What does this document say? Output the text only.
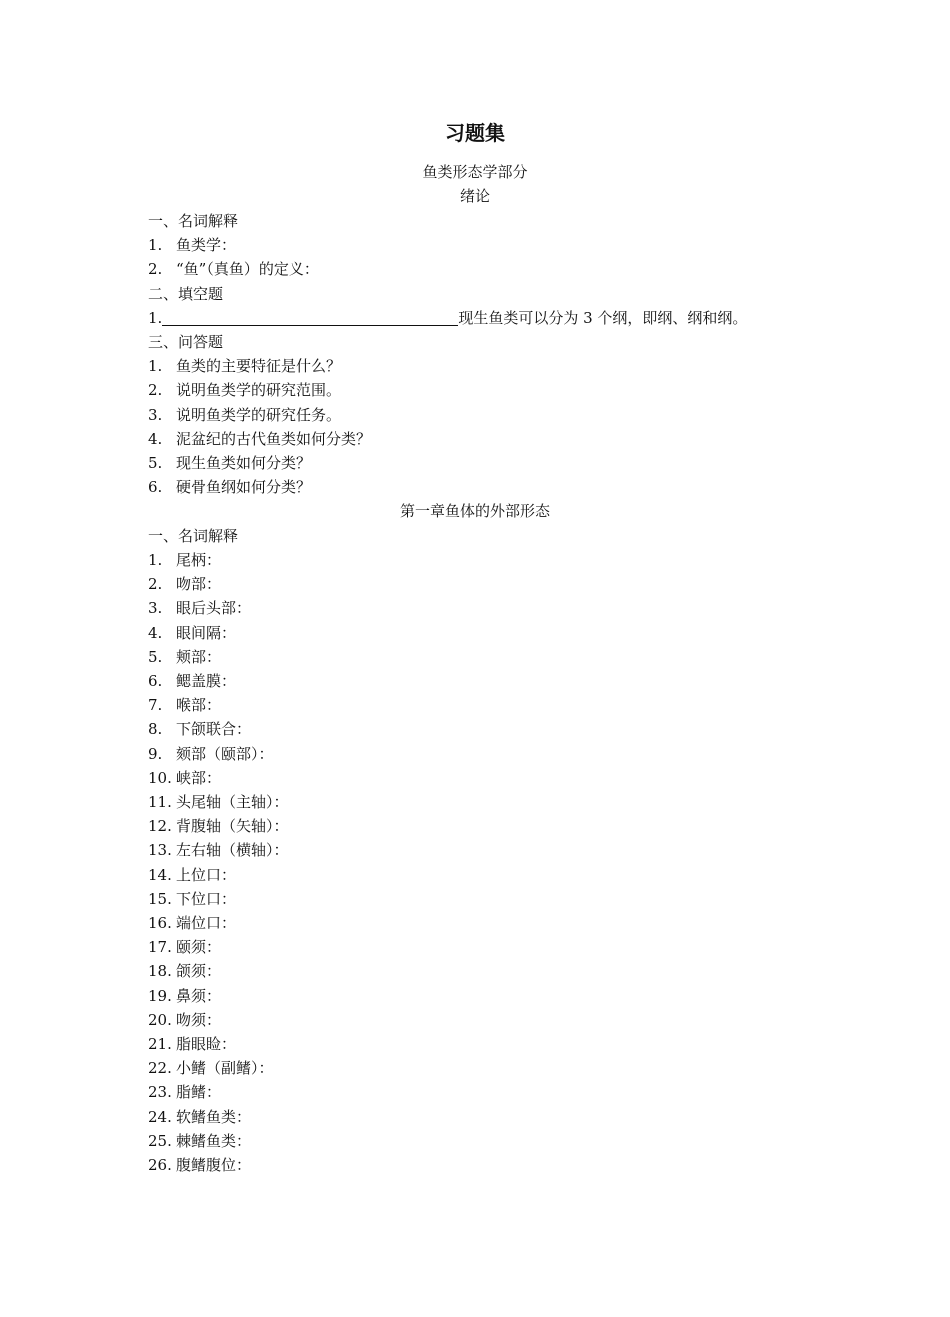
习题集
鱼类形态学部分
绪论
一、名词解释
1. 鱼类学：
2. “鱼”（真鱼）的定义：
二、填空题
1.	现生鱼类可以分为 3 个纲，即纲、纲和纲。
三、问答题
1. 鱼类的主要特征是什么？
2. 说明鱼类学的研究范围。
3. 说明鱼类学的研究任务。
4. 泥盆纪的古代鱼类如何分类？
5. 现生鱼类如何分类？
6. 硬骨鱼纲如何分类？
第一章鱼体的外部形态
一、名词解释
1. 尾柄：
2. 吻部：
3. 眼后头部：
4. 眼间隔：
5. 颊部：
6. 鳃盖膜：
7. 喉部：
8. 下颌联合：
9. 颏部（颐部）：
10. 峡部：
11. 头尾轴（主轴）：
12. 背腹轴（矢轴）：
13. 左右轴（横轴）：
14. 上位口：
15. 下位口：
16. 端位口：
17. 颐须：
18. 颌须：
19. 鼻须：
20. 吻须：
21. 脂眼睑：
22. 小鳍（副鳍）：
23. 脂鳍：
24. 软鳍鱼类：
25. 棘鳍鱼类：
26. 腹鳍腹位：
